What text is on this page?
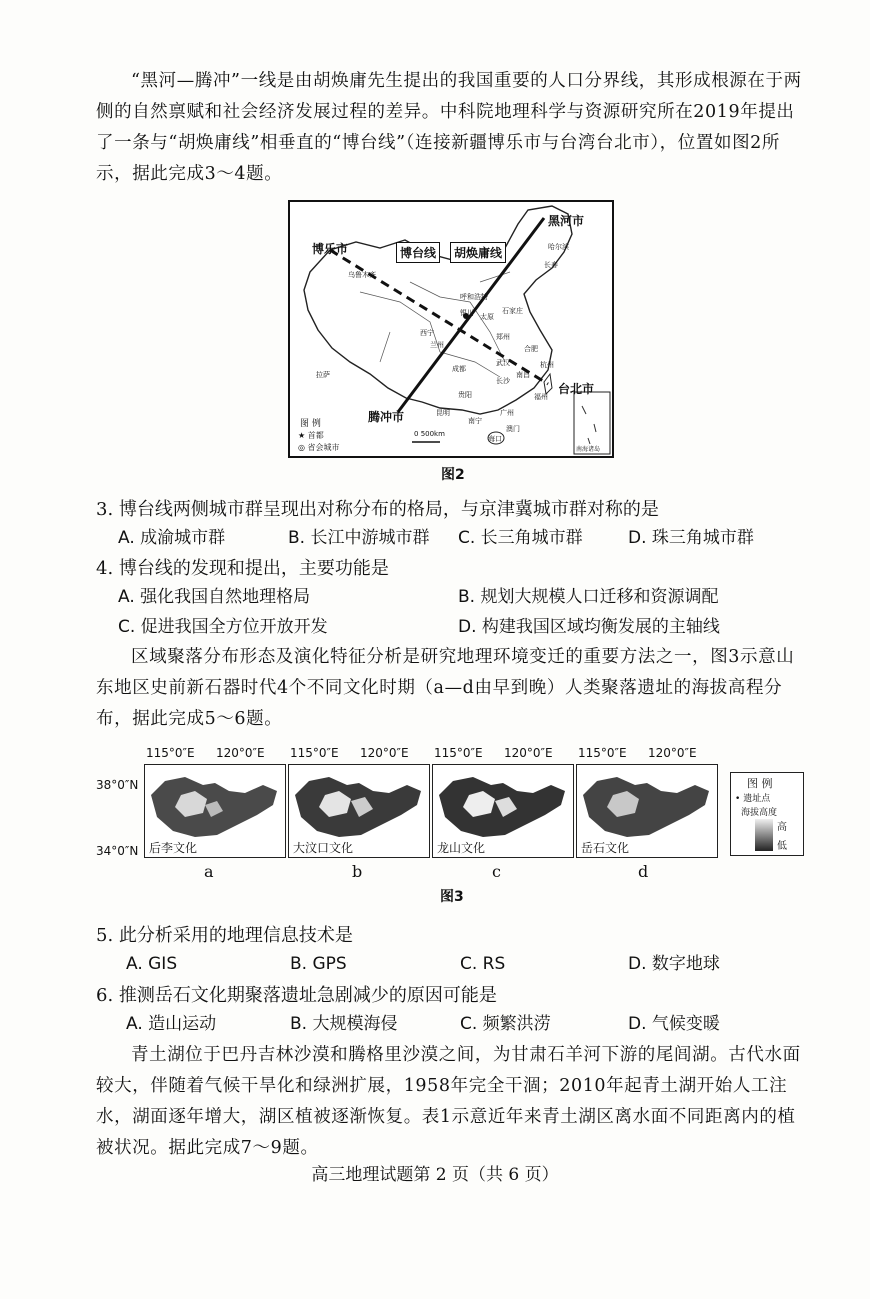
“黑河—腾冲”一线是由胡焕庸先生提出的我国重要的人口分界线，其形成根源在于两侧的自然禀赋和社会经济发展过程的差异。中科院地理科学与资源研究所在2019年提出了一条与“胡焕庸线”相垂直的“博台线”（连接新疆博乐市与台湾台北市），位置如图2所示，据此完成3～4题。

黑河市
博乐市	博台线	胡焕庸线
台北市
腾冲市
乌鲁木齐
哈尔滨
长春
呼和浩特
银川
西宁
兰州
太原
石家庄
郑州
合肥
武汉
成都
拉萨
长沙
南昌
福州
杭州
贵阳
昆明	广州
南宁
澳门
海口
南海诸岛
图 例
★ 首都
◎ 省会城市
0 500km
图2

3. 博台线两侧城市群呈现出对称分布的格局，与京津冀城市群对称的是

A. 成渝城市群	B. 长江中游城市群 C. 长三角城市群	D. 珠三角城市群

4. 博台线的发现和提出，主要功能是

A. 强化我国自然地理格局	B. 规划大规模人口迁移和资源调配
C. 促进我国全方位开放开发	D. 构建我国区域均衡发展的主轴线

区域聚落分布形态及演化特征分析是研究地理环境变迁的重要方法之一，图3示意山东地区史前新石器时代4个不同文化时期（a—d由早到晚）人类聚落遗址的海拔高程分布，据此完成5～6题。

115°0″E 120°0″E 115°0″E 120°0″E 115°0″E 120°0″E 115°0″E 120°0″E
38°0″N
34°0″N 后李文化	大汶口文化	龙山文化	岳石文化
图 例
• 遗址点
海拔高度
高
低
a	b	c	d
图3

5. 此分析采用的地理信息技术是

A. GIS	B. GPS	C. RS	D. 数字地球

6. 推测岳石文化期聚落遗址急剧减少的原因可能是

A. 造山运动	B. 大规模海侵	C. 频繁洪涝	D. 气候变暖

青土湖位于巴丹吉林沙漠和腾格里沙漠之间，为甘肃石羊河下游的尾闾湖。古代水面较大，伴随着气候干旱化和绿洲扩展，1958年完全干涸；2010年起青土湖开始人工注水，湖面逐年增大，湖区植被逐渐恢复。表1示意近年来青土湖区离水面不同距离内的植被状况。据此完成7～9题。

高三地理试题第 2 页（共 6 页）
